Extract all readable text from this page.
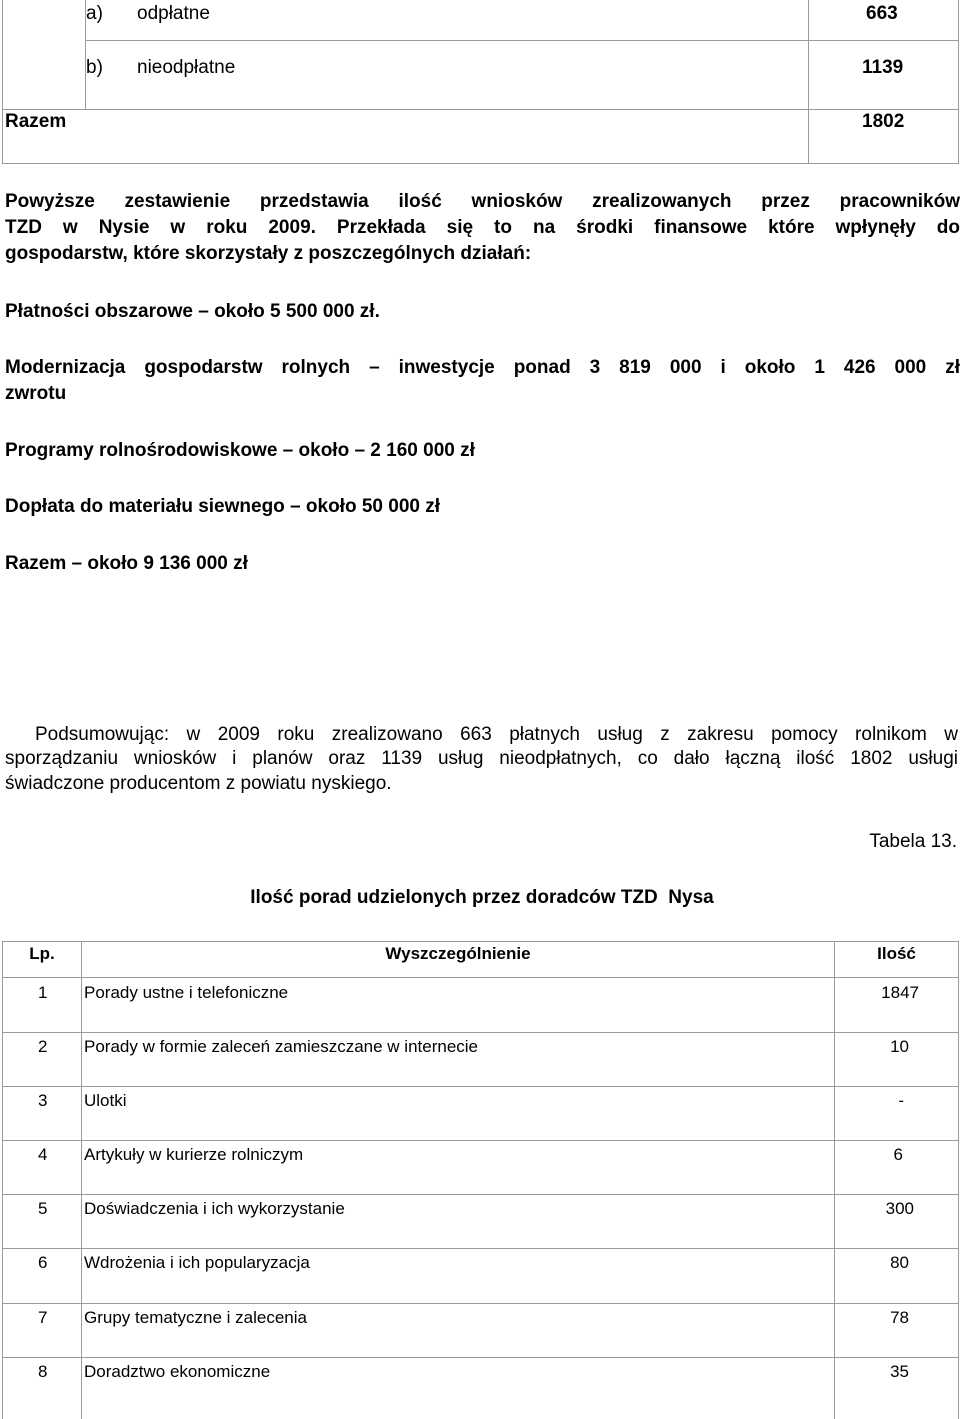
a) odpłatne	663
b) nieodpłatne	1139
Razem	1802
Powyższe zestawienie przedstawia ilość wniosków zrealizowanych przez pracowników
TZD w Nysie w roku 2009. Przekłada się to na środki finansowe które wpłynęły do
gospodarstw, które skorzystały z poszczególnych działań:
Płatności obszarowe – około 5 500 000 zł.
Modernizacja gospodarstw rolnych – inwestycje ponad 3 819 000 i około 1 426 000 zł
zwrotu
Programy rolnośrodowiskowe – około – 2 160 000 zł
Dopłata do materiału siewnego – około 50 000 zł
Razem – około 9 136 000 zł
Podsumowując: w 2009 roku zrealizowano 663 płatnych usług z zakresu pomocy rolnikom w
sporządzaniu wniosków i planów oraz 1139 usług nieodpłatnych, co dało łączną ilość 1802 usługi
świadczone producentom z powiatu nyskiego.
Tabela 13.
Ilość porad udzielonych przez doradców TZD  Nysa
Lp.	Wyszczególnienie	Ilość
1 Porady ustne i telefoniczne	1847
2 Porady w formie zaleceń zamieszczane w internecie	10
3 Ulotki	-
4 Artykuły w kurierze rolniczym	6
5 Doświadczenia i ich wykorzystanie	300
6 Wdrożenia i ich popularyzacja	80
7 Grupy tematyczne i zalecenia	78
8 Doradztwo ekonomiczne	35
